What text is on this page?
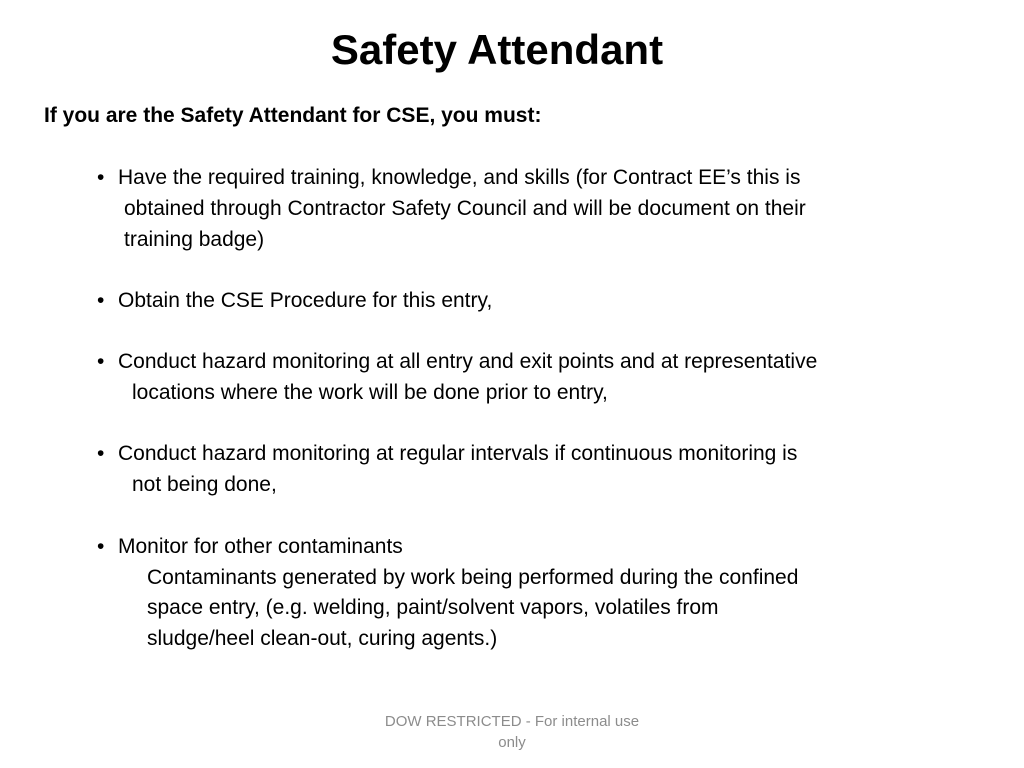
Safety Attendant

If you are the Safety Attendant for CSE, you must:

• Have the required training, knowledge, and skills (for Contract EE’s this is

obtained through Contractor Safety Council and will be document on their

training badge)

• Obtain the CSE Procedure for this entry,

• Conduct hazard monitoring at all entry and exit points and at representative

locations where the work will be done prior to entry,

• Conduct hazard monitoring at regular intervals if continuous monitoring is

not being done,

• Monitor for other contaminants

Contaminants generated by work being performed during the confined

space entry, (e.g. welding, paint/solvent vapors, volatiles from

sludge/heel clean-out, curing agents.)

DOW RESTRICTED - For internal use
only
